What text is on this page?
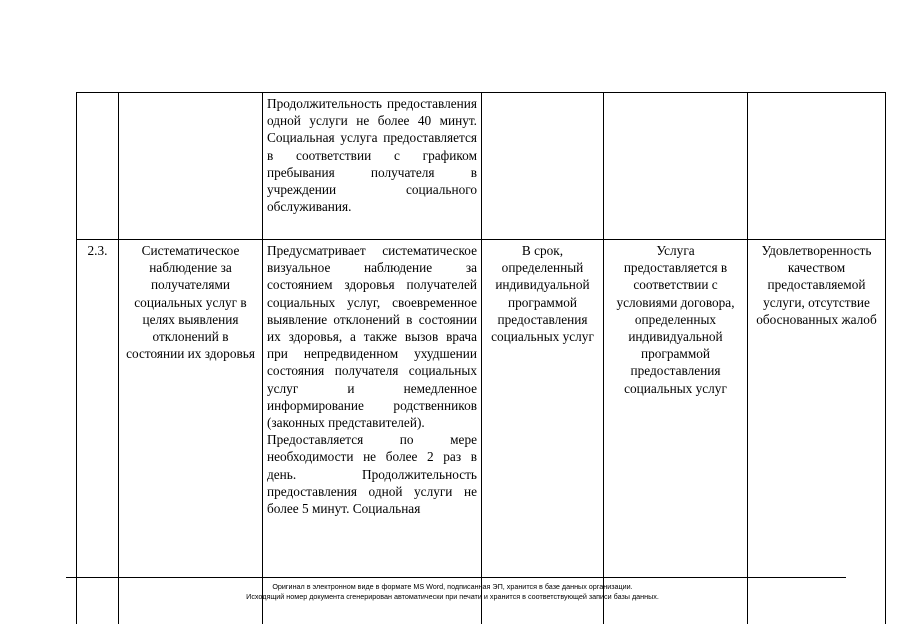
		Продолжительность предоставления одной услуги не более 40 минут. Социальная услуга предоставляется в соответствии с графиком пребывания получателя в учреждении социального обслуживания.			

2.3.	Систематическое наблюдение за получателями социальных услуг в целях выявления отклонений в состоянии их здоровья	Предусматривает систематическое визуальное наблюдение за состоянием здоровья получателей социальных услуг, своевременное выявление отклонений в состоянии их здоровья, а также вызов врача при непредвиденном ухудшении состояния получателя социальных услуг и немедленное информирование родственников (законных представителей).
Предоставляется по мере необходимости не более 2 раз в день. Продолжительность предоставления одной услуги не более 5 минут. Социальная	В срок, определенный индивидуальной программой предоставления социальных услуг	Услуга предоставляется в соответствии с условиями договора, определенных индивидуальной программой предоставления социальных услуг	Удовлетворенность качеством предоставляемой услуги, отсутствие обоснованных жалоб
Оригинал в электронном виде в формате MS Word, подписанная ЭП, хранится в базе данных организации.
Исходящий номер документа сгенерирован автоматически при печати и хранится в соответствующей записи базы данных.
